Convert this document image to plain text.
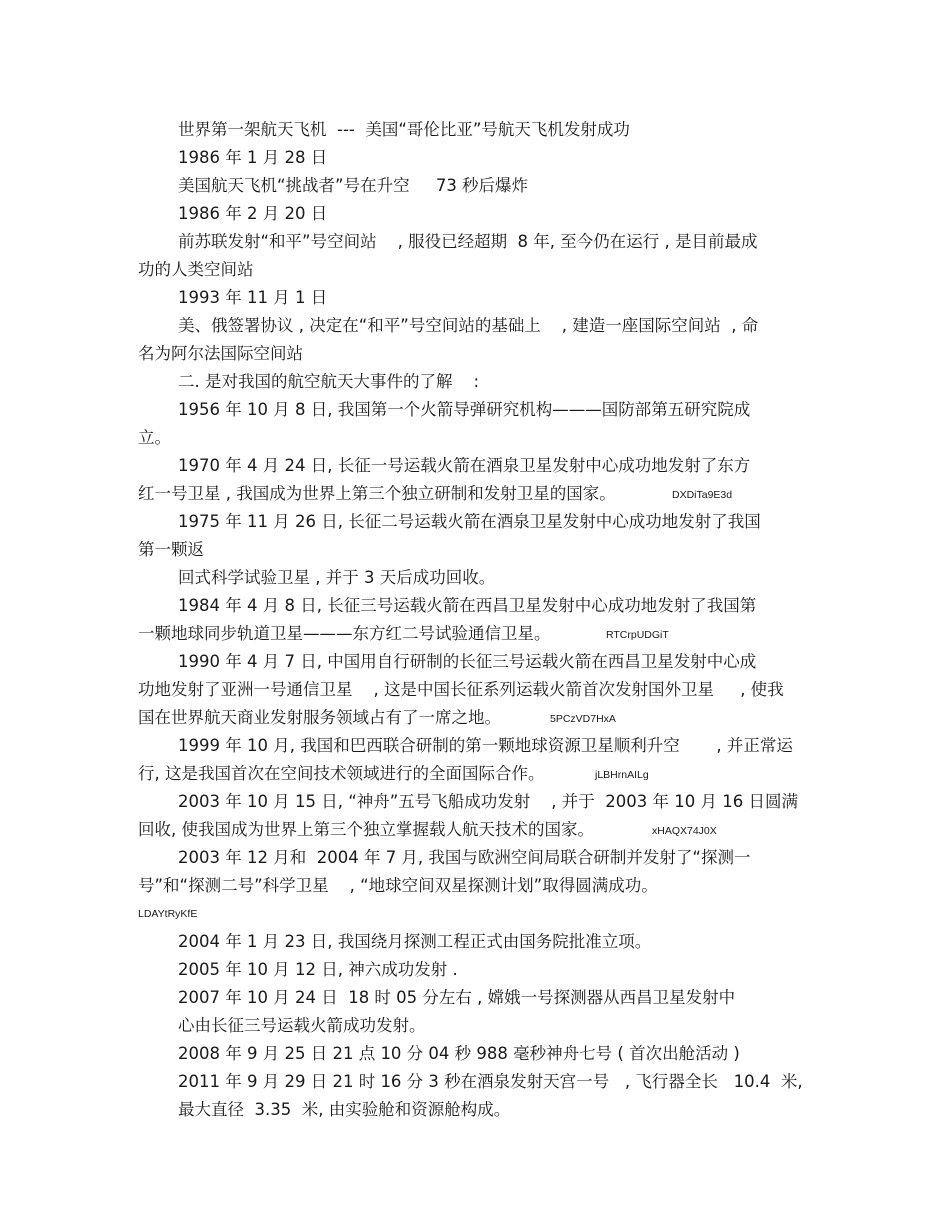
世界第一架航天飞机  ---  美国“哥伦比亚”号航天飞机发射成功
1986 年 1 月 28 日
美国航天飞机“挑战者”号在升空     73 秒后爆炸
1986 年 2 月 20 日
前苏联发射“和平”号空间站    , 服役已经超期  8 年, 至今仍在运行 , 是目前最成
功的人类空间站
1993 年 11 月 1 日
美、俄签署协议 , 决定在“和平”号空间站的基础上    , 建造一座国际空间站  , 命
名为阿尔法国际空间站
二. 是对我国的航空航天大事件的了解    :
1956 年 10 月 8 日, 我国第一个火箭导弹研究机构———国防部第五研究院成
立。
1970 年 4 月 24 日, 长征一号运载火箭在酒泉卫星发射中心成功地发射了东方
红一号卫星 , 我国成为世界上第三个独立研制和发射卫星的国家。	DXDiTa9E3d
1975 年 11 月 26 日, 长征二号运载火箭在酒泉卫星发射中心成功地发射了我国
第一颗返
回式科学试验卫星 , 并于 3 天后成功回收。
1984 年 4 月 8 日, 长征三号运载火箭在西昌卫星发射中心成功地发射了我国第
一颗地球同步轨道卫星———东方红二号试验通信卫星。	RTCrpUDGiT
1990 年 4 月 7 日, 中国用自行研制的长征三号运载火箭在西昌卫星发射中心成
功地发射了亚洲一号通信卫星    , 这是中国长征系列运载火箭首次发射国外卫星     , 使我
国在世界航天商业发射服务领域占有了一席之地。	5PCzVD7HxA
1999 年 10 月, 我国和巴西联合研制的第一颗地球资源卫星顺利升空       , 并正常运
行, 这是我国首次在空间技术领域进行的全面国际合作。	jLBHrnAILg
2003 年 10 月 15 日, “神舟”五号飞船成功发射    , 并于  2003 年 10 月 16 日圆满
回收, 使我国成为世界上第三个独立掌握载人航天技术的国家。	xHAQX74J0X
2003 年 12 月和  2004 年 7 月, 我国与欧洲空间局联合研制并发射了“探测一
号”和“探测二号”科学卫星    , “地球空间双星探测计划”取得圆满成功。
LDAYtRyKfE
2004 年 1 月 23 日, 我国绕月探测工程正式由国务院批准立项。
2005 年 10 月 12 日, 神六成功发射 .
2007 年 10 月 24 日  18 时 05 分左右 , 嫦娥一号探测器从西昌卫星发射中
心由长征三号运载火箭成功发射。
2008 年 9 月 25 日 21 点 10 分 04 秒 988 毫秒神舟七号 ( 首次出舱活动 )
2011 年 9 月 29 日 21 时 16 分 3 秒在酒泉发射天宫一号   , 飞行器全长   10.4  米,
最大直径  3.35  米, 由实验舱和资源舱构成。
